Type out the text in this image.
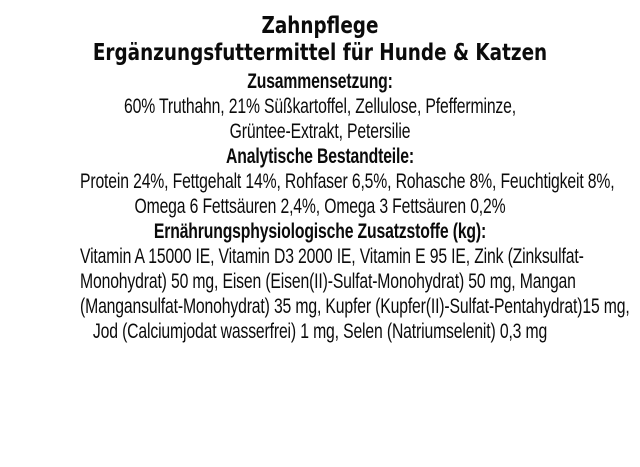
Zahnpflege
Ergänzungsfuttermittel für Hunde & Katzen
Zusammensetzung:
60% Truthahn, 21% Süßkartoffel, Zellulose, Pfefferminze,
Grüntee-Extrakt, Petersilie
Analytische Bestandteile:
Protein 24%, Fettgehalt 14%, Rohfaser 6,5%, Rohasche 8%, Feuchtigkeit 8%,
Omega 6 Fettsäuren 2,4%, Omega 3 Fettsäuren 0,2%
Ernährungsphysiologische Zusatzstoffe (kg):
Vitamin A 15000 IE, Vitamin D3 2000 IE, Vitamin E 95 IE, Zink (Zinksulfat-
Monohydrat) 50 mg, Eisen (Eisen(II)-Sulfat-Monohydrat) 50 mg, Mangan
(Mangansulfat-Monohydrat) 35 mg, Kupfer (Kupfer(II)-Sulfat-Pentahydrat)15 mg,
Jod (Calciumjodat wasserfrei) 1 mg, Selen (Natriumselenit) 0,3 mg
